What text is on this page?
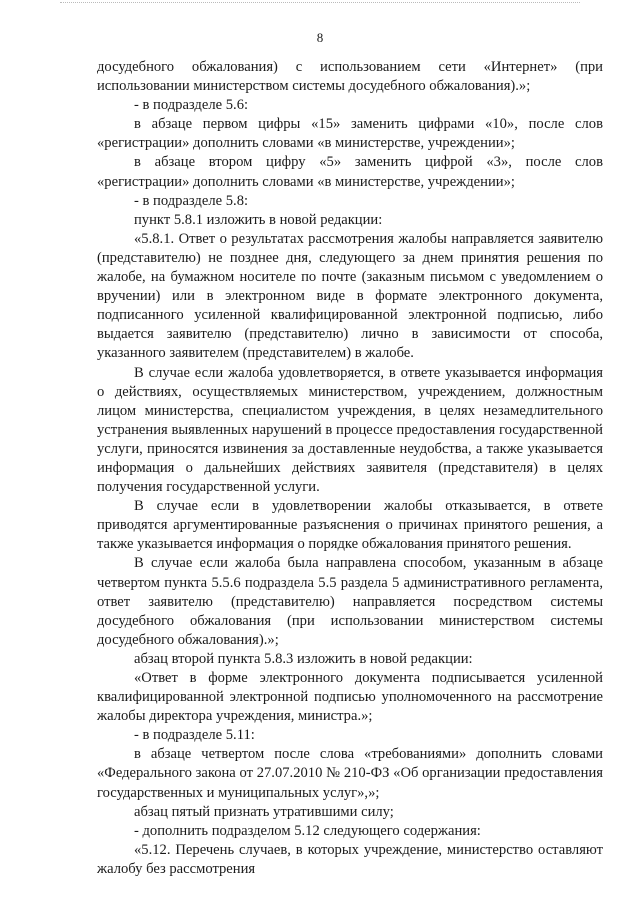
8

досудебного обжалования) с использованием сети «Интернет» (при использовании министерством системы досудебного обжалования).»;

- в подразделе 5.6:

в абзаце первом цифры «15» заменить цифрами «10», после слов «регистрации» дополнить словами «в министерстве, учреждении»;

в абзаце втором цифру «5» заменить цифрой «3», после слов «регистрации» дополнить словами «в министерстве, учреждении»;

- в подразделе 5.8:

пункт 5.8.1 изложить в новой редакции:

«5.8.1. Ответ о результатах рассмотрения жалобы направляется заявителю (представителю) не позднее дня, следующего за днем принятия решения по жалобе, на бумажном носителе по почте (заказным письмом с уведомлением о вручении) или в электронном виде в формате электронного документа, подписанного усиленной квалифицированной электронной подписью, либо выдается заявителю (представителю) лично в зависимости от способа, указанного заявителем (представителем) в жалобе.

В случае если жалоба удовлетворяется, в ответе указывается информация о действиях, осуществляемых министерством, учреждением, должностным лицом министерства, специалистом учреждения, в целях незамедлительного устранения выявленных нарушений в процессе предоставления государственной услуги, приносятся извинения за доставленные неудобства, а также указывается информация о дальнейших действиях заявителя (представителя) в целях получения государственной услуги.

В случае если в удовлетворении жалобы отказывается, в ответе приводятся аргументированные разъяснения о причинах принятого решения, а также указывается информация о порядке обжалования принятого решения.

В случае если жалоба была направлена способом, указанным в абзаце четвертом пункта 5.5.6 подраздела 5.5 раздела 5 административного регламента, ответ заявителю (представителю) направляется посредством системы досудебного обжалования (при использовании министерством системы досудебного обжалования).»;

абзац второй пункта 5.8.3 изложить в новой редакции:

«Ответ в форме электронного документа подписывается усиленной квалифицированной электронной подписью уполномоченного на рассмотрение жалобы директора учреждения, министра.»;

- в подразделе 5.11:

в абзаце четвертом после слова «требованиями» дополнить словами «Федерального закона от 27.07.2010 № 210-ФЗ «Об организации предоставления государственных и муниципальных услуг»,»;

абзац пятый признать утратившими силу;

- дополнить подразделом 5.12 следующего содержания:

«5.12. Перечень случаев, в которых учреждение, министерство оставляют жалобу без рассмотрения
